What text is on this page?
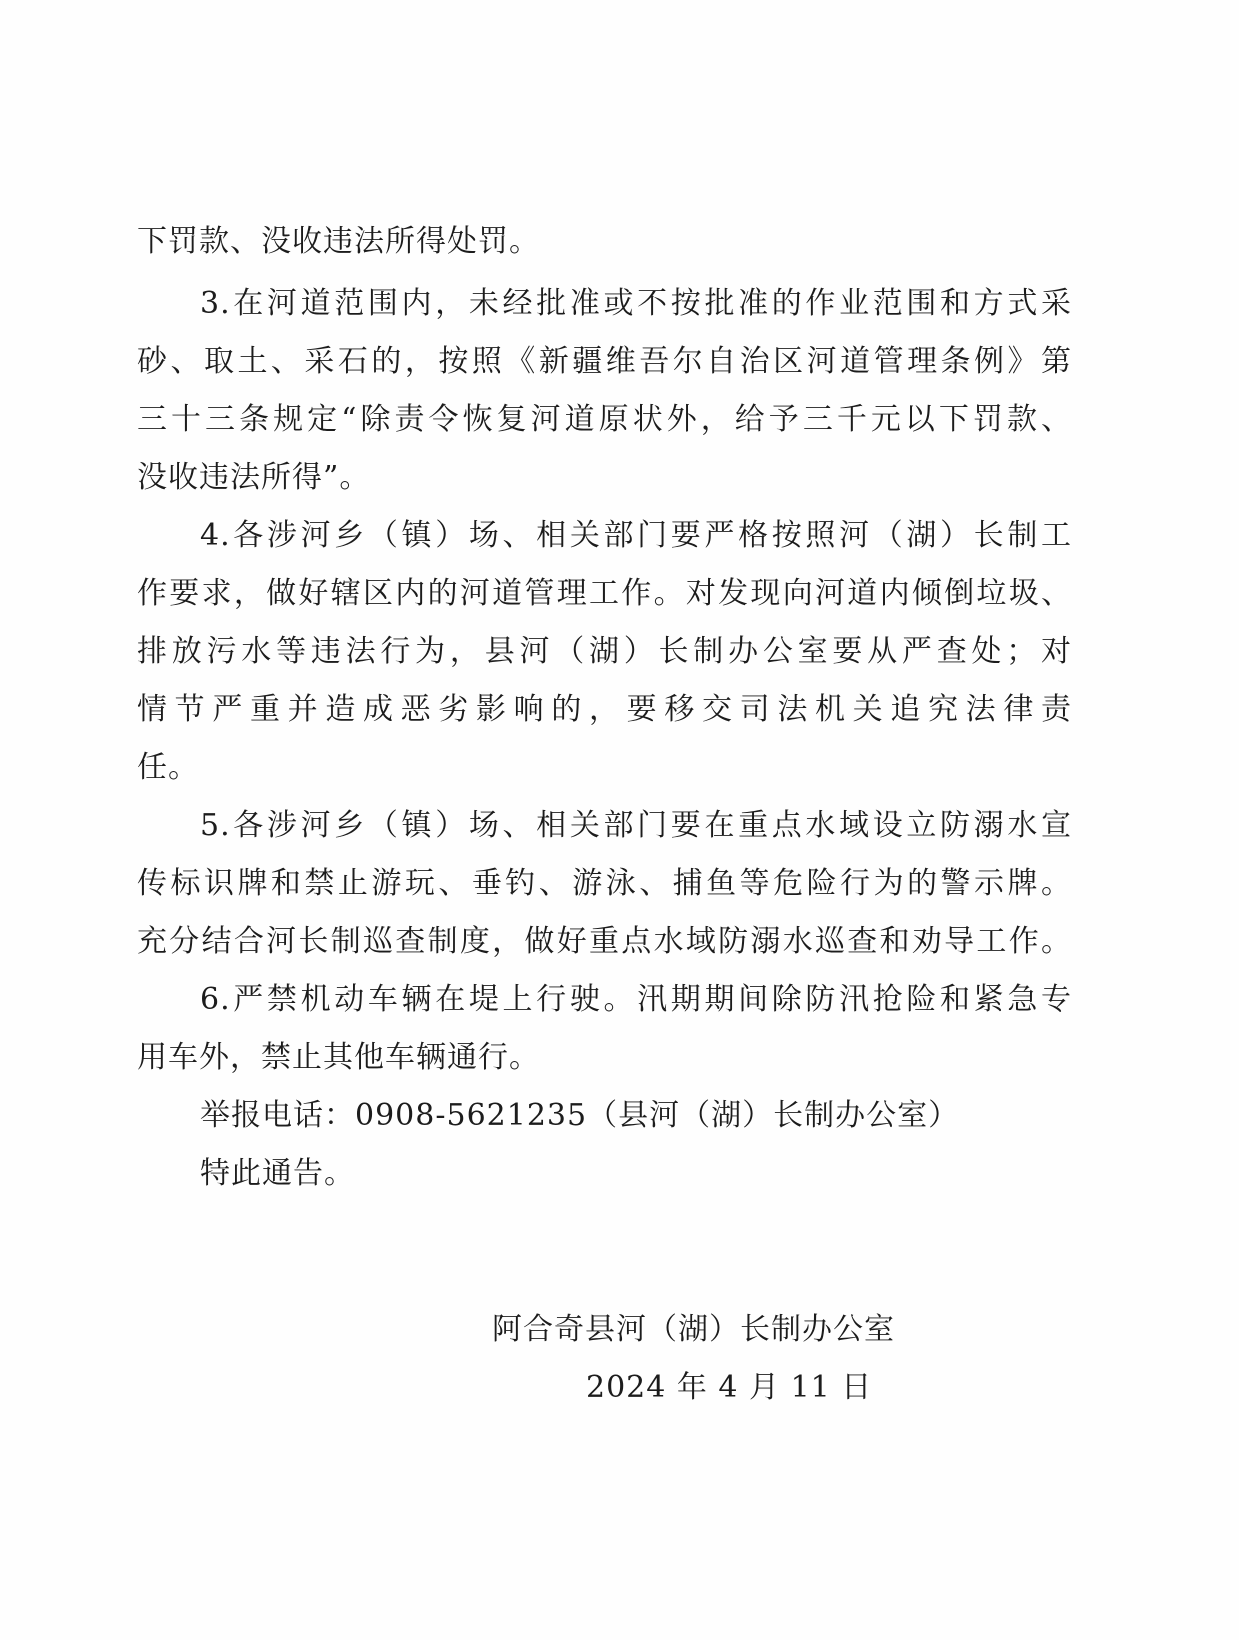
下罚款、没收违法所得处罚。
3.在河道范围内，未经批准或不按批准的作业范围和方式采
砂、取土、采石的，按照《新疆维吾尔自治区河道管理条例》第
三十三条规定“除责令恢复河道原状外，给予三千元以下罚款、
没收违法所得”。
4.各涉河乡（镇）场、相关部门要严格按照河（湖）长制工
作要求，做好辖区内的河道管理工作。对发现向河道内倾倒垃圾、
排放污水等违法行为，县河（湖）长制办公室要从严查处；对
情节严重并造成恶劣影响的，要移交司法机关追究法律责
任。
5.各涉河乡（镇）场、相关部门要在重点水域设立防溺水宣
传标识牌和禁止游玩、垂钓、游泳、捕鱼等危险行为的警示牌。
充分结合河长制巡查制度，做好重点水域防溺水巡查和劝导工作。
6.严禁机动车辆在堤上行驶。汛期期间除防汛抢险和紧急专
用车外，禁止其他车辆通行。
举报电话：0908-5621235（县河（湖）长制办公室）
特此通告。
阿合奇县河（湖）长制办公室
2024 年 4 月 11 日
